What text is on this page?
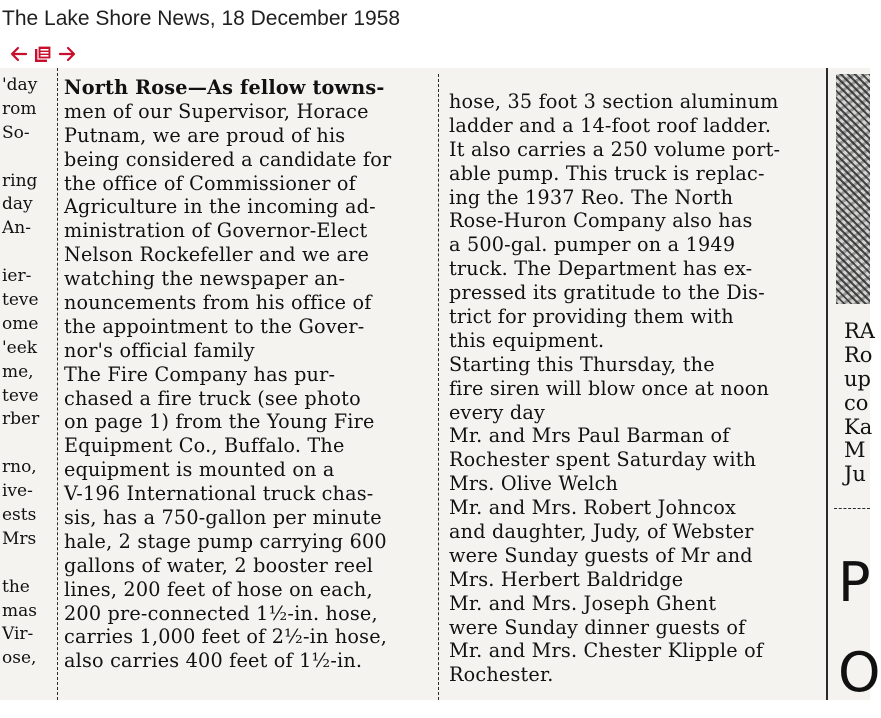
The Lake Shore News, 18 December 1958
'day
rom
So-
ring
day
An-
ier-
teve
ome
'eek
me,
teve
rber
rno,
ive-
ests
Mrs
the
mas
Vir-
ose,
North Rose—As fellow towns-
men of our Supervisor, Horace
Putnam, we are proud of his
being considered a candidate for
the office of Commissioner of
Agriculture in the incoming ad-
ministration of Governor-Elect
Nelson Rockefeller and we are
watching the newspaper an-
nouncements from his office of
the appointment to the Gover-
nor's official family
The Fire Company has pur-
chased a fire truck (see photo
on page 1) from the Young Fire
Equipment Co., Buffalo. The
equipment is mounted on a
V-196 International truck chas-
sis, has a 750-gallon per minute
hale, 2 stage pump carrying 600
gallons of water, 2 booster reel
lines, 200 feet of hose on each,
200 pre-connected 1½-in. hose,
carries 1,000 feet of 2½-in hose,
also carries 400 feet of 1½-in.
hose, 35 foot 3 section aluminum
ladder and a 14-foot roof ladder.
It also carries a 250 volume port-
able pump. This truck is replac-
ing the 1937 Reo. The North
Rose-Huron Company also has
a 500-gal. pumper on a 1949
truck. The Department has ex-
pressed its gratitude to the Dis-
trict for providing them with
this equipment.
Starting this Thursday, the
fire siren will blow once at noon
every day
Mr. and Mrs Paul Barman of
Rochester spent Saturday with
Mrs. Olive Welch
Mr. and Mrs. Robert Johncox
and daughter, Judy, of Webster
were Sunday guests of Mr and
Mrs. Herbert Baldridge
Mr. and Mrs. Joseph Ghent
were Sunday dinner guests of
Mr. and Mrs. Chester Klipple of
Rochester.
RA
Ro
up
co
Ka
M
Ju
P
O
